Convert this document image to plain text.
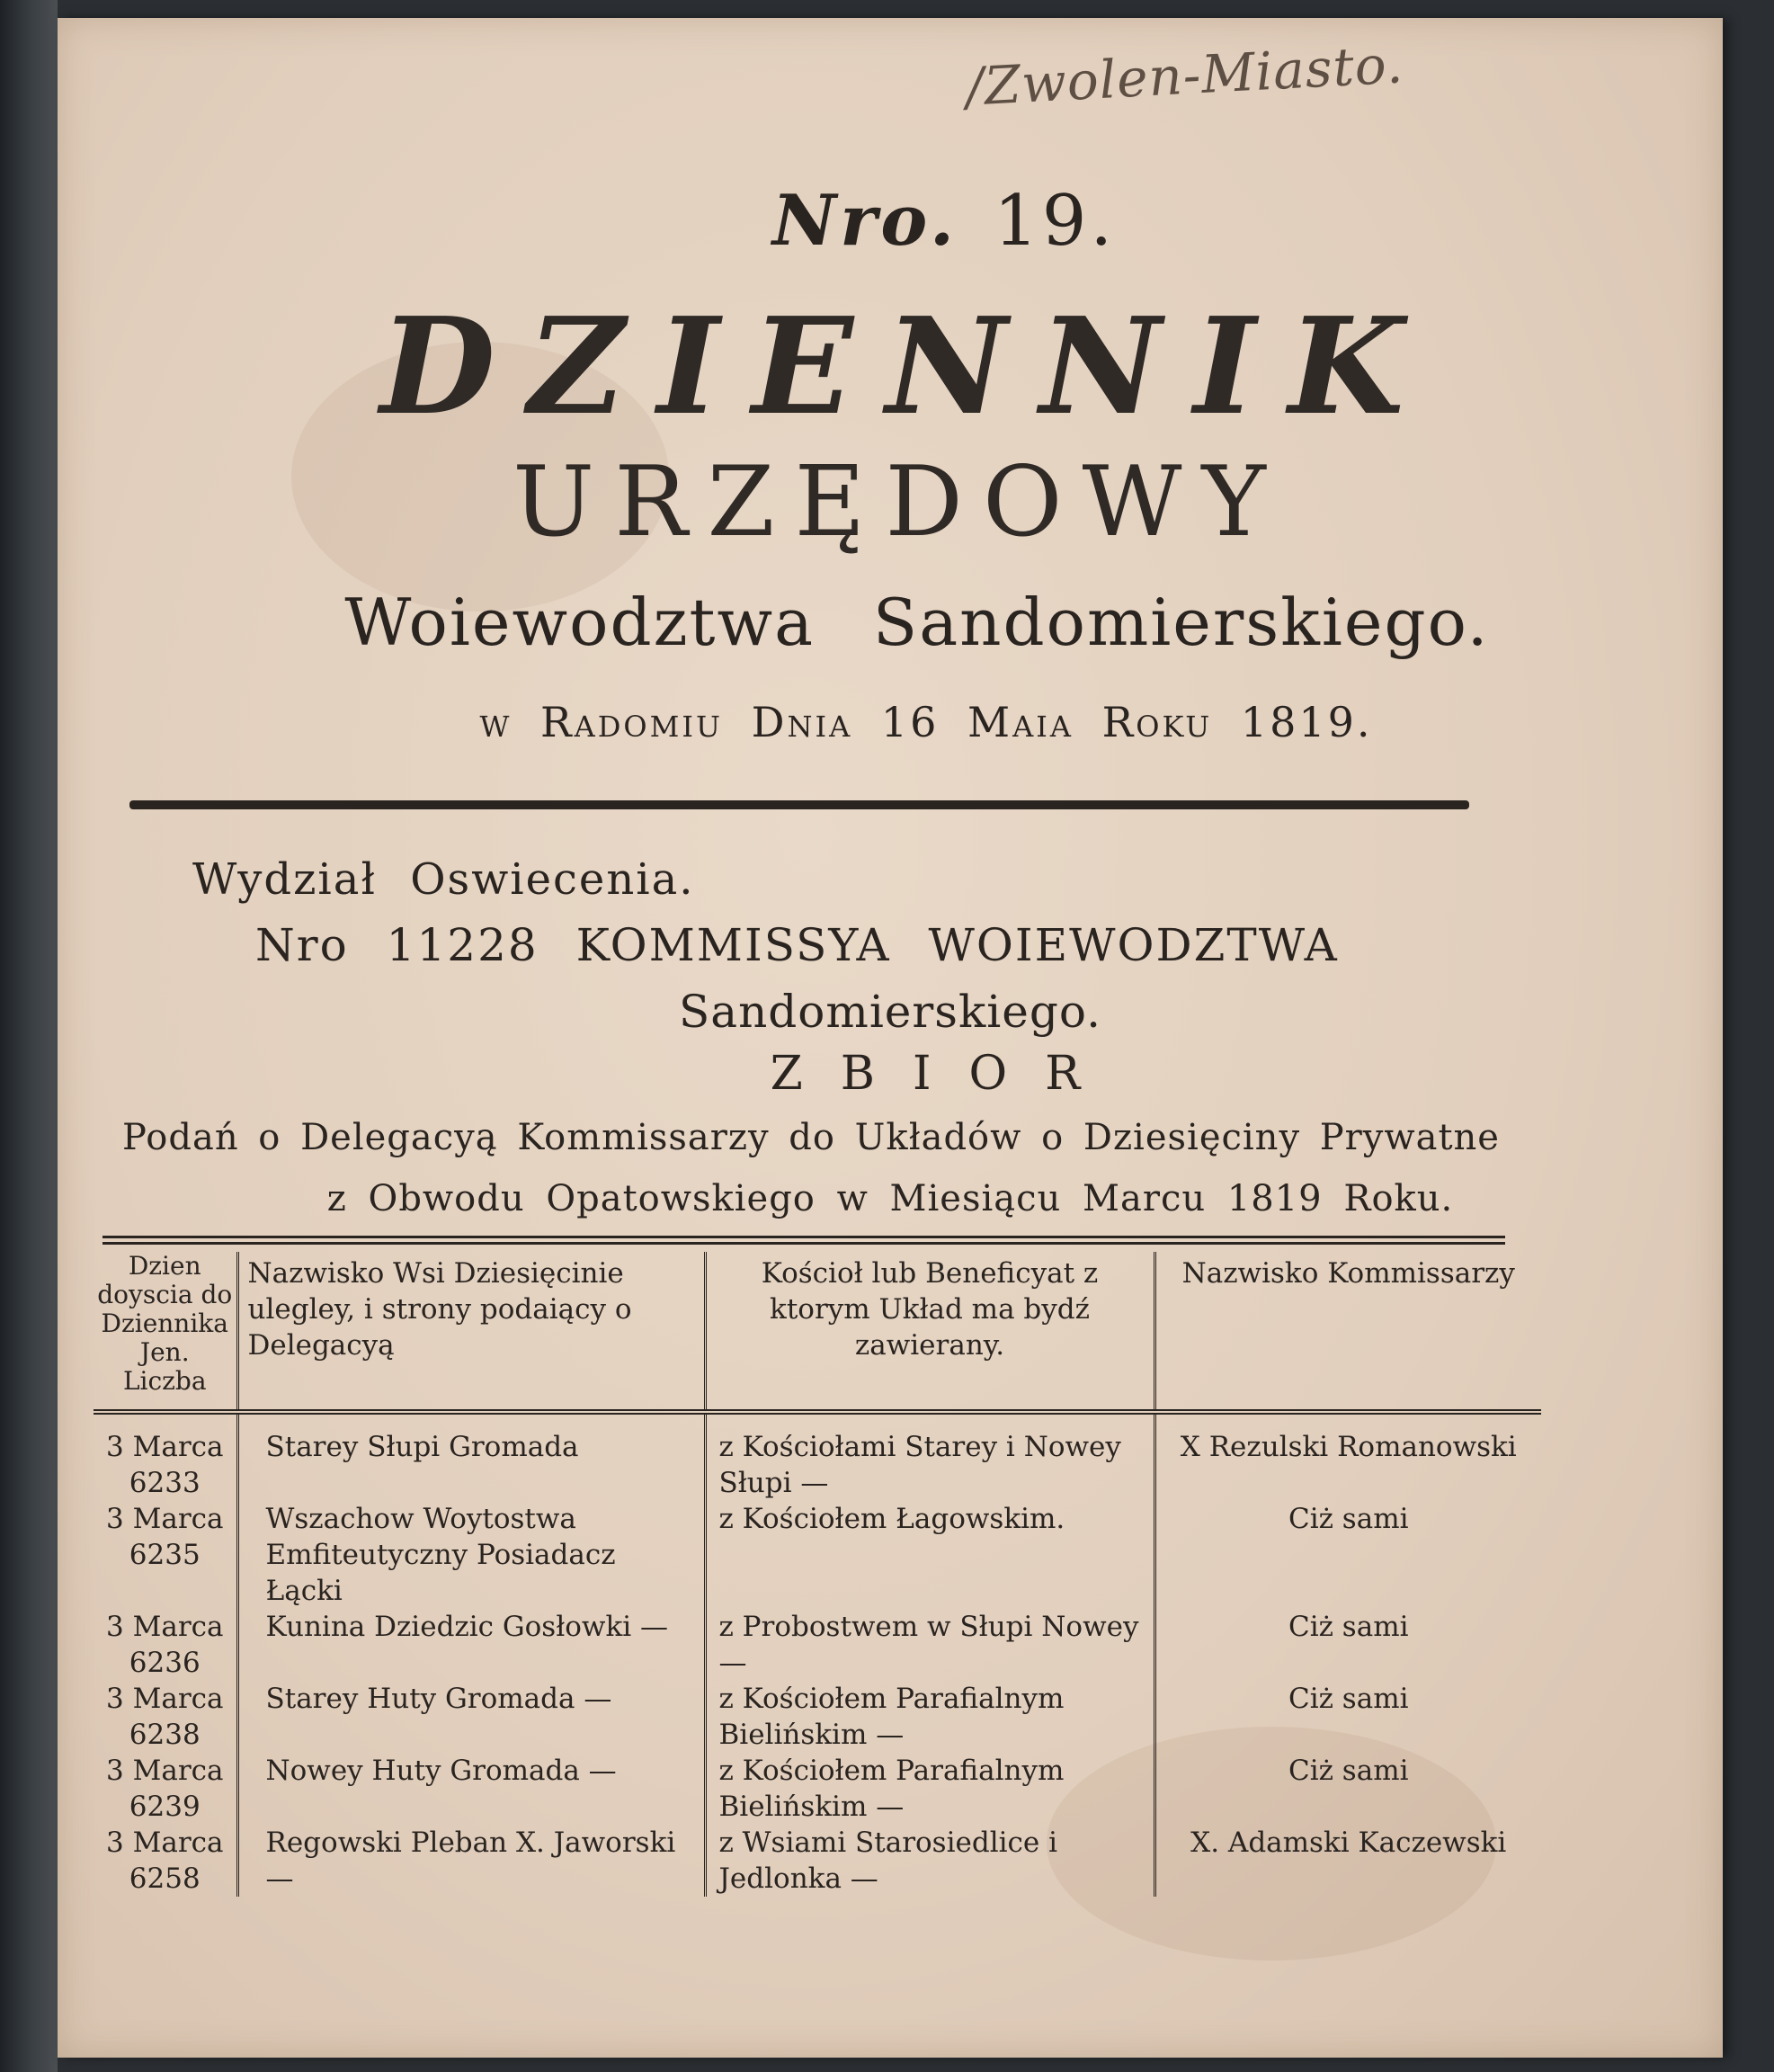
/Zwolen-Miasto.
Nro. 19.
DZIENNIK
URZĘDOWY
Woiewodztwa Sandomierskiego.
w Radomiu Dnia 16 Maia Roku 1819.
Wydział Oswiecenia.
Nro 11228 KOMMISSYA WOIEWODZTWA
Sandomierskiego.
ZBIOR
Podań o Delegacyą Kommissarzy do Układów o Dziesięciny Prywatne
z Obwodu Opatowskiego w Miesiącu Marcu 1819 Roku.
Dzien doyscia do Dziennika Jen. Liczba	Nazwisko Wsi Dziesięcinie ulegley, i strony podaiący o Delegacyą	Kościoł lub Beneficyat z ktorym Układ ma bydź zawierany.	Nazwisko Kommissarzy

3 Marca
6233	Starey Słupi Gromada	z Kościołami Starey i Nowey Słupi —	X Rezulski Romanowski

3 Marca
6235	Wszachow Woytostwa Emfiteutyczny Posiadacz Łącki	z Kościołem Łagowskim.	Ciż sami

3 Marca
6236	Kunina Dziedzic Gosłowki —	z Probostwem w Słupi Nowey —	Ciż sami

3 Marca
6238	Starey Huty Gromada —	z Kościołem Parafialnym Bielińskim —	Ciż sami

3 Marca
6239	Nowey Huty Gromada —	z Kościołem Parafialnym Bielińskim —	Ciż sami

3 Marca
6258	Regowski Pleban X. Jaworski —	z Wsiami Starosiedlice i Jedlonka —	X. Adamski Kaczewski
